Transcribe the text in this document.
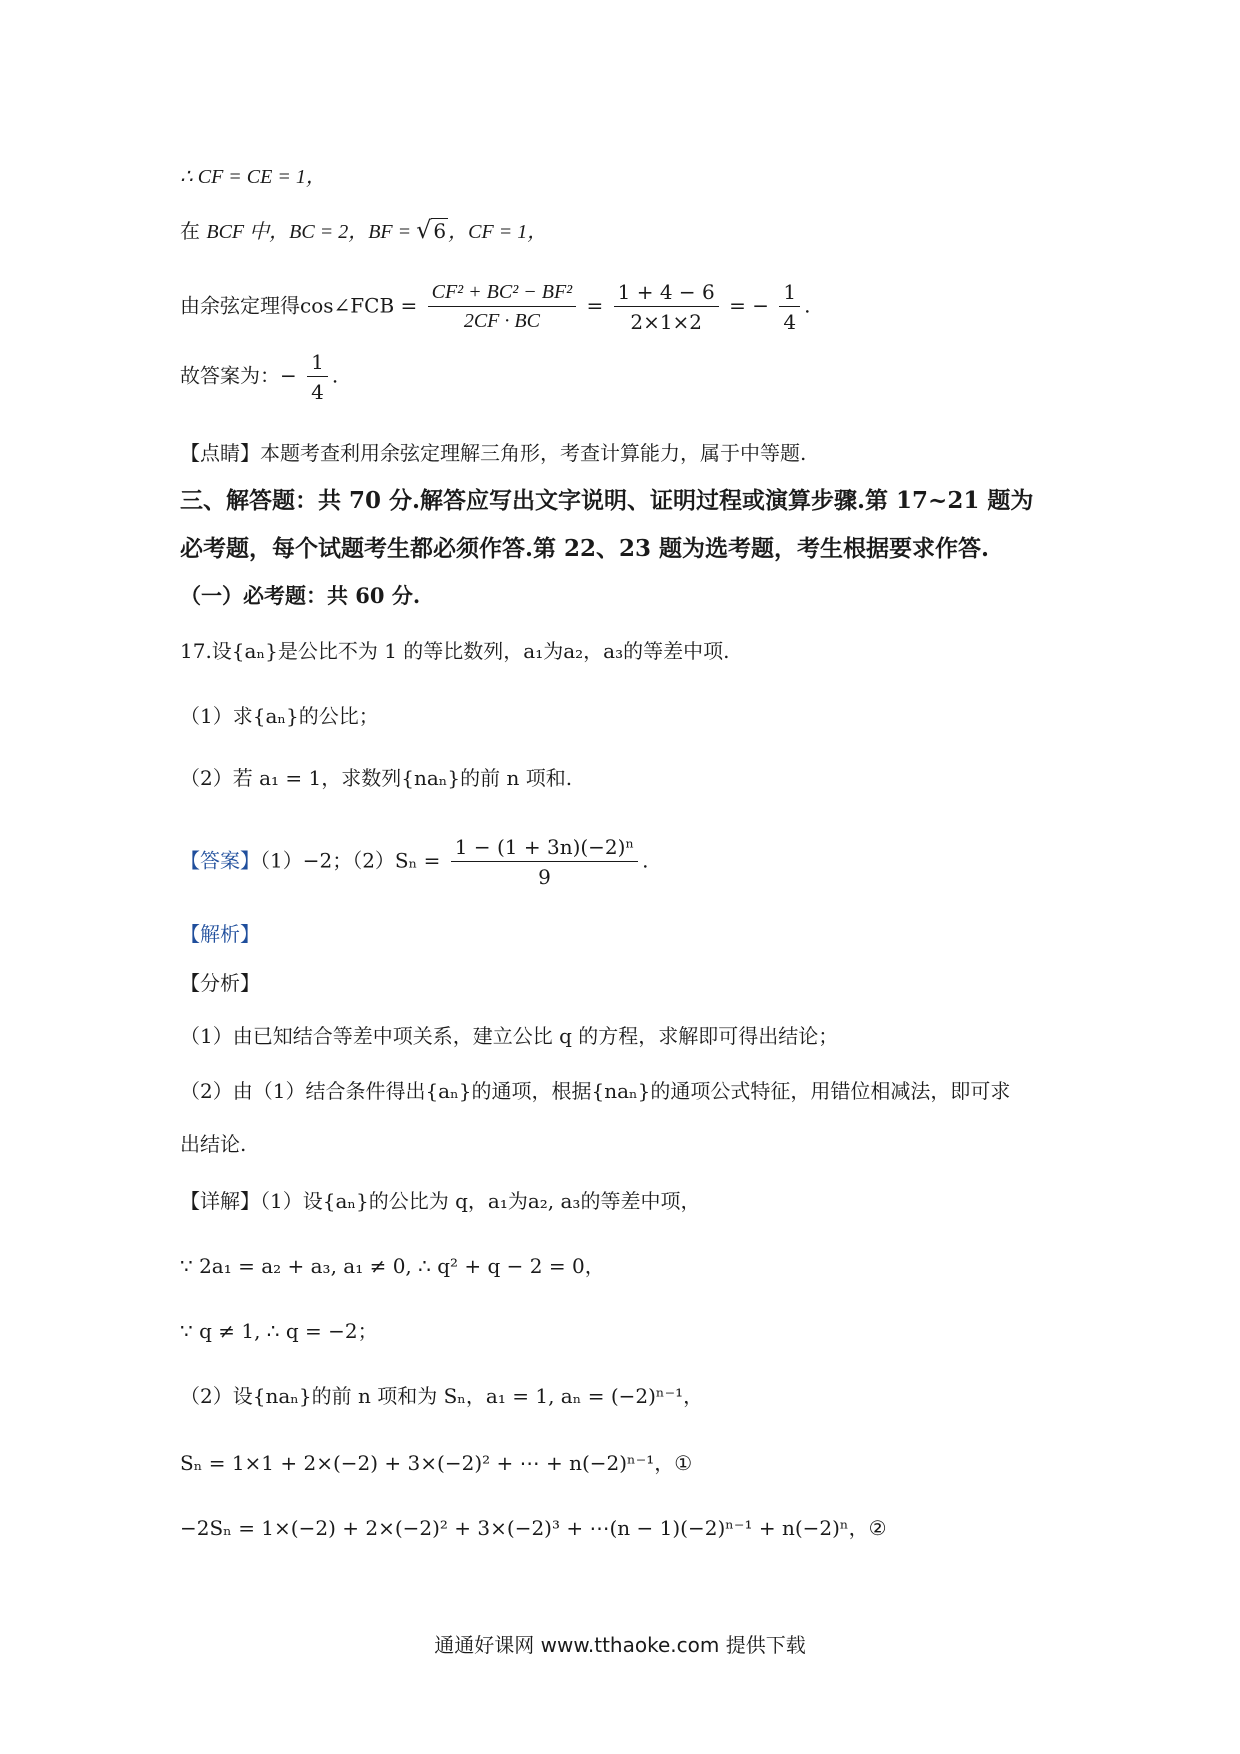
∴ CF = CE = 1，
在 BCF 中，BC = 2，BF = √ 6 ，CF = 1，
由余弦定理得cos∠FCB = $\frac{\text{CF² + BC² − BF²}}{2CF \cdot BC} = \frac{1 + 4 - 6}{2\times 1\times 2}$ = − $\frac{1}{4}$ .
故答案为：− $\frac{1}{4}$ .
【点睛】本题考查利用余弦定理解三角形，考查计算能力，属于中等题.
三、解答题：共 70 分.解答应写出文字说明、证明过程或演算步骤.第 17~21 题为
必考题，每个试题考生都必须作答.第 22、23 题为选考题，考生根据要求作答.
（一）必考题：共 60 分.
17.设{aₙ}是公比不为 1 的等比数列，a₁为a₂，a₃的等差中项.
（1）求{aₙ}的公比；
（2）若 a₁ = 1，求数列{naₙ}的前 n 项和.
【答案】（1）−2；$(2)S_n = \frac{\text{1 − (1 + 3n)(−2)ⁿ}}{9}$ .
【解析】
【分析】
（1）由已知结合等差中项关系，建立公比 q 的方程，求解即可得出结论；
（2）由（1）结合条件得出{aₙ}的通项，根据{naₙ}的通项公式特征，用错位相减法，即可求
出结论.
【详解】（1）设{aₙ}的公比为 q，a₁为a₂, a₃的等差中项，
∵ 2a₁ = a₂ + a₃, a₁ ≠ 0, ∴ q² + q − 2 = 0，
∵ q ≠ 1, ∴ q = −2；
（2）设{naₙ}的前 n 项和为 Sₙ，a₁ = 1, aₙ = (−2)ⁿ⁻¹，
Sₙ = 1×1 + 2×(−2) + 3×(−2)² + ⋯ + n(−2)ⁿ⁻¹，①
−2Sₙ = 1×(−2) + 2×(−2)² + 3×(−2)³ + ⋯(n − 1)(−2)ⁿ⁻¹ + n(−2)ⁿ，②
通通好课网 www.tthaoke.com 提供下载
